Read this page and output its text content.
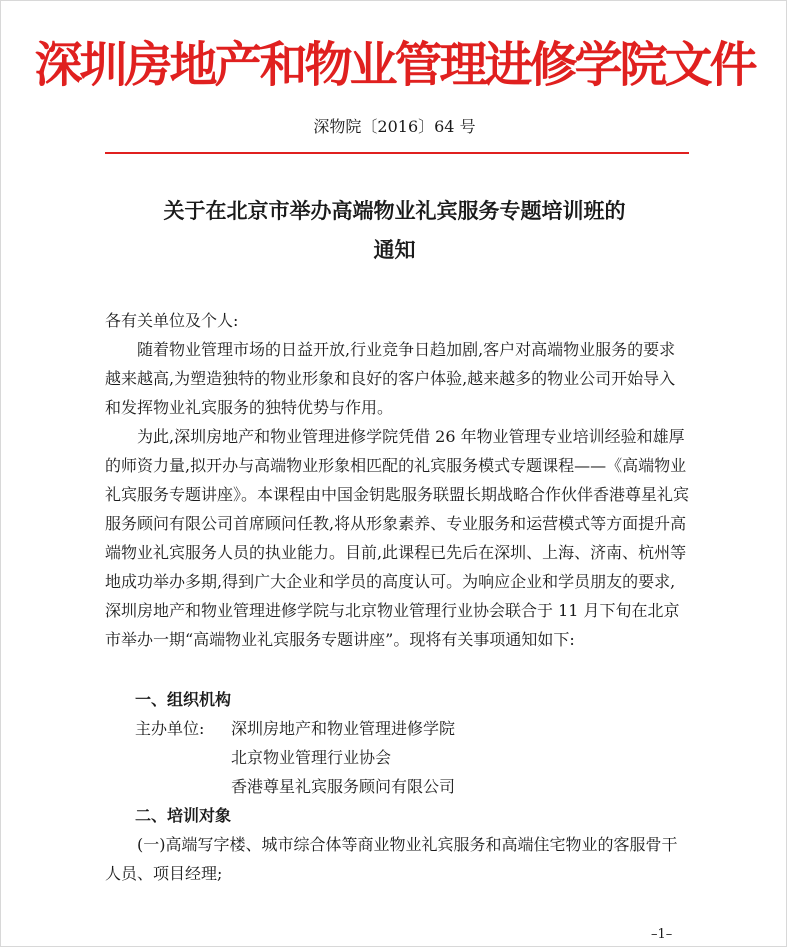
深圳房地产和物业管理进修学院文件
深物院〔2016〕64 号
关于在北京市举办高端物业礼宾服务专题培训班的
通知

各有关单位及个人:

随着物业管理市场的日益开放,行业竞争日趋加剧,客户对高端物业服务的要求越来越高,为塑造独特的物业形象和良好的客户体验,越来越多的物业公司开始导入和发挥物业礼宾服务的独特优势与作用。

为此,深圳房地产和物业管理进修学院凭借 26 年物业管理专业培训经验和雄厚的师资力量,拟开办与高端物业形象相匹配的礼宾服务模式专题课程——《高端物业礼宾服务专题讲座》。本课程由中国金钥匙服务联盟长期战略合作伙伴香港尊星礼宾服务顾问有限公司首席顾问任教,将从形象素养、专业服务和运营模式等方面提升高端物业礼宾服务人员的执业能力。目前,此课程已先后在深圳、上海、济南、杭州等地成功举办多期,得到广大企业和学员的高度认可。为响应企业和学员朋友的要求,深圳房地产和物业管理进修学院与北京物业管理行业协会联合于 11 月下旬在北京市举办一期“高端物业礼宾服务专题讲座”。现将有关事项通知如下:

一、组织机构
主办单位: 深圳房地产和物业管理进修学院
北京物业管理行业协会
香港尊星礼宾服务顾问有限公司
二、培训对象

(一)高端写字楼、城市综合体等商业物业礼宾服务和高端住宅物业的客服骨干人员、项目经理;

–1–
